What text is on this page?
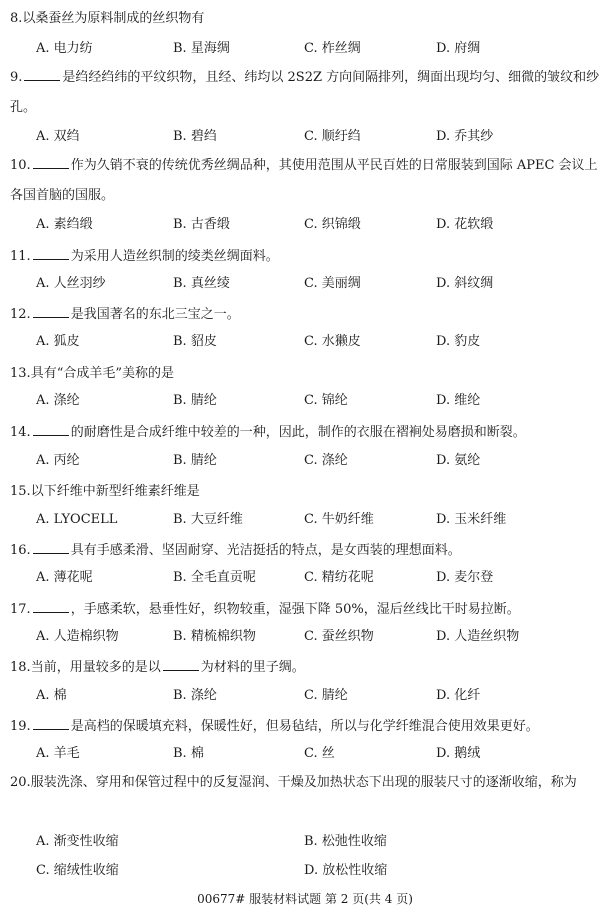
8.以桑蚕丝为原料制成的丝织物有
A. 电力纺	B. 星海绸	C. 柞丝绸	D. 府绸
9.	是绉经绉纬的平纹织物，且经、纬均以 2S2Z 方向间隔排列，绸面出现均匀、细微的皱纹和纱孔。
A. 双绉	B. 碧绉	C. 顺纡绉	D. 乔其纱
10.	作为久销不衰的传统优秀丝绸品种，其使用范围从平民百姓的日常服装到国际 APEC 会议上各国首脑的国服。
A. 素绉缎	B. 古香缎	C. 织锦缎	D. 花软缎
11.	为采用人造丝织制的绫类丝绸面料。
A. 人丝羽纱	B. 真丝绫	C. 美丽绸	D. 斜纹绸
12.	是我国著名的东北三宝之一。
A. 狐皮	B. 貂皮	C. 水獭皮	D. 豹皮
13.具有“合成羊毛”美称的是
A. 涤纶	B. 腈纶	C. 锦纶	D. 维纶
14.	的耐磨性是合成纤维中较差的一种，因此，制作的衣服在褶裥处易磨损和断裂。
A. 丙纶	B. 腈纶	C. 涤纶	D. 氨纶
15.以下纤维中新型纤维素纤维是
A. LYOCELL	B. 大豆纤维	C. 牛奶纤维	D. 玉米纤维
16.	具有手感柔滑、坚固耐穿、光洁挺括的特点，是女西装的理想面料。
A. 薄花呢	B. 全毛直贡呢	C. 精纺花呢	D. 麦尔登
17.	，手感柔软，悬垂性好，织物较重，湿强下降 50%，湿后丝线比干时易拉断。
A. 人造棉织物	B. 精梳棉织物	C. 蚕丝织物	D. 人造丝织物
18.当前，用量较多的是以	为材料的里子绸。
A. 棉	B. 涤纶	C. 腈纶	D. 化纤
19.	是高档的保暖填充料，保暖性好，但易毡结，所以与化学纤维混合使用效果更好。
A. 羊毛	B. 棉	C. 丝	D. 鹅绒
20.服装洗涤、穿用和保管过程中的反复湿润、干燥及加热状态下出现的服装尺寸的逐渐收缩，称为
A. 渐变性收缩	B. 松弛性收缩
C. 缩绒性收缩	D. 放松性收缩
00677# 服装材料试题 第 2 页(共 4 页)
